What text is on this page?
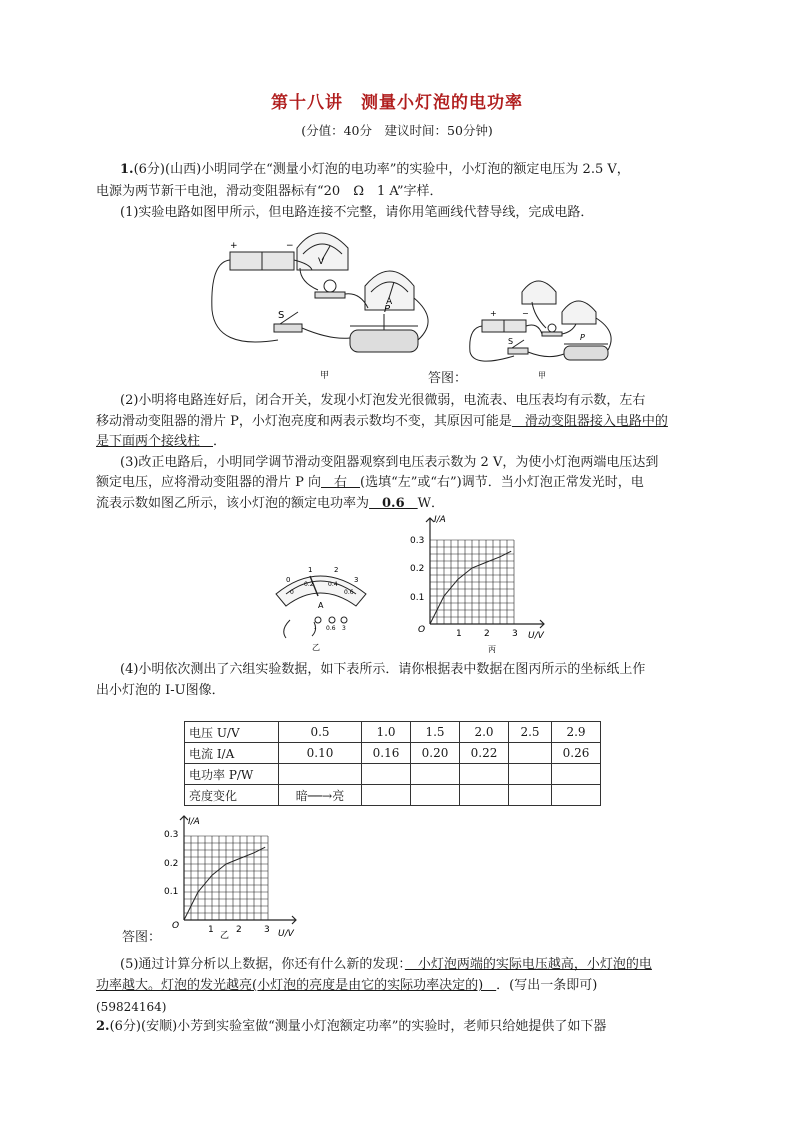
第十八讲　测量小灯泡的电功率
(分值：40分　建议时间：50分钟)
1.(6分)(山西)小明同学在“测量小灯泡的电功率”的实验中，小灯泡的额定电压为 2.5 V，
电源为两节新干电池，滑动变阻器标有“20　Ω　1 A”字样．
(1)实验电路如图甲所示，但电路连接不完整，请你用笔画线代替导线，完成电路．
V
A
+	−
S
P
甲	答图：
S	P
+	−
甲
(2)小明将电路连好后，闭合开关，发现小灯泡发光很微弱，电流表、电压表均有示数，左右
移动滑动变阻器的滑片 P，小灯泡亮度和两表示数均不变，其原因可能是　滑动变阻器接入电路中的
是下面两个接线柱　．
(3)改正电路后，小明同学调节滑动变阻器观察到电压表示数为 2 V，为使小灯泡两端电压达到
额定电压，应将滑动变阻器的滑片 P 向　右　(选填“左”或“右”)调节．当小灯泡正常发光时，电
流表示数如图乙所示，该小灯泡的额定电功率为　0.6　W．
0
1	2
3
0
0.2 0.4
0.6
A
- 0.6 3
乙
I/A
U/V
O
0.1
0.2
0.3
1 2 3
丙
(4)小明依次测出了六组实验数据，如下表所示．请你根据表中数据在图丙所示的坐标纸上作
出小灯泡的 I-U图像．
电压 U/V	0.5	1.0	1.5	2.0	2.5	2.9
电流 I/A	0.10	0.16	0.20	0.22		0.26
电功率 P/W						
亮度变化	暗──→亮					
I/A
U/V
O
0.1
0.2
0.3
1 2 3
乙
答图：
(5)通过计算分析以上数据，你还有什么新的发现：　小灯泡两端的实际电压越高，小灯泡的电
功率越大。灯泡的发光越亮(小灯泡的亮度是由它的实际功率决定的)　．(写出一条即可)
(59824164)
2.(6分)(安顺)小芳到实验室做“测量小灯泡额定功率”的实验时，老师只给她提供了如下器
